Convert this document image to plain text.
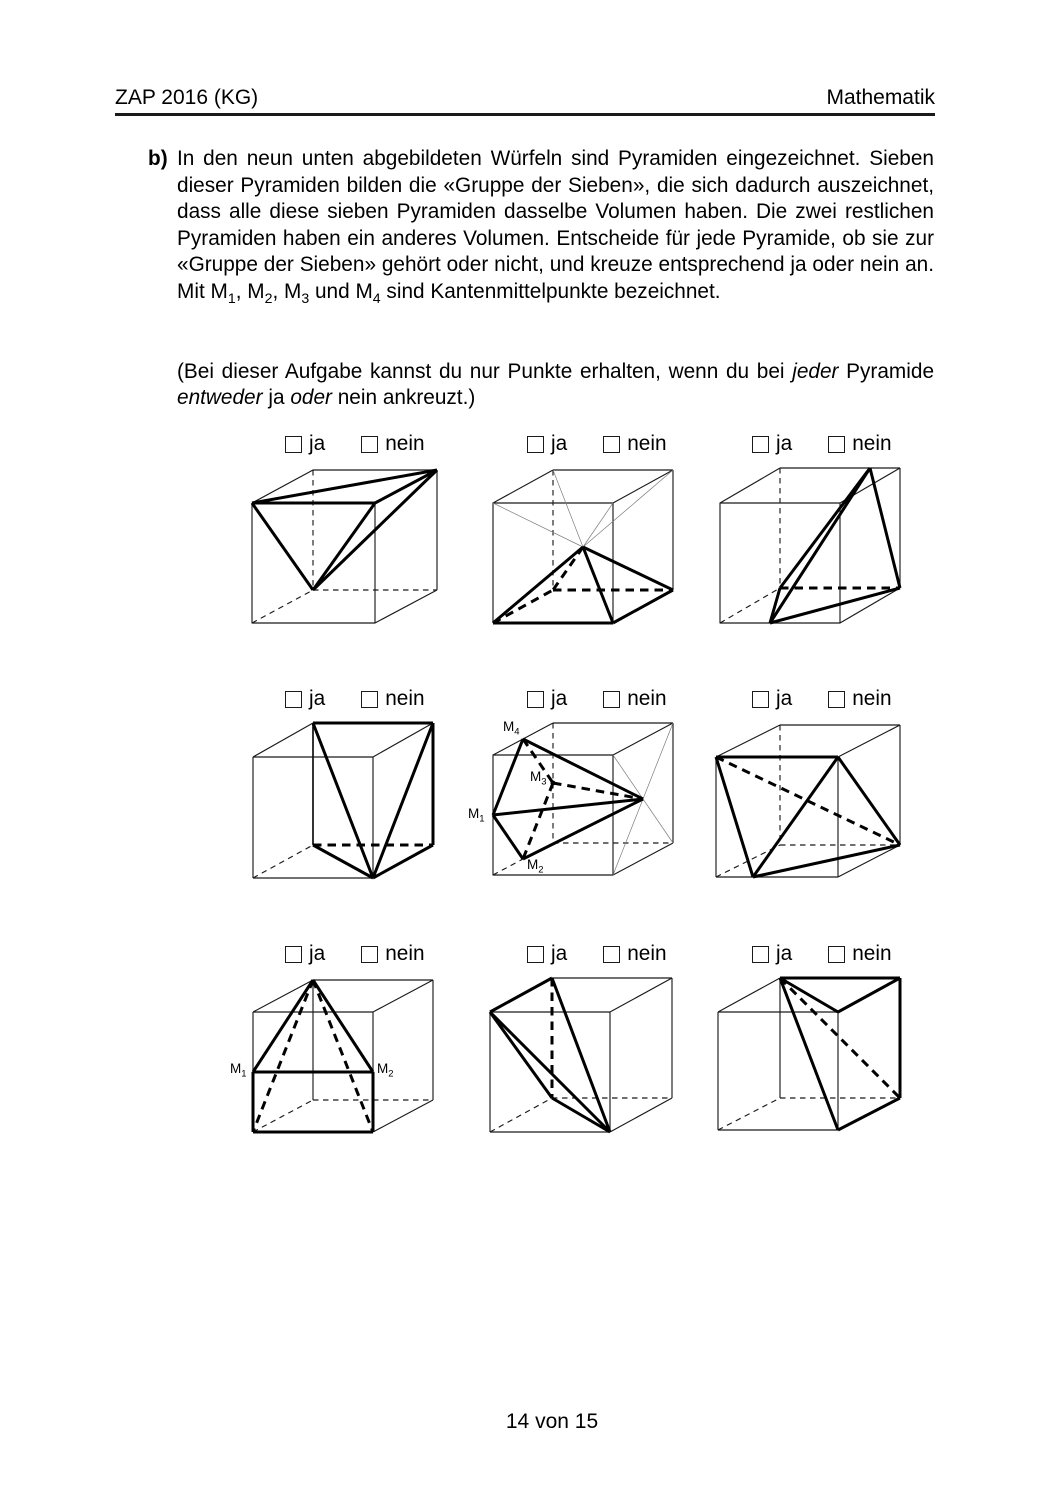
ZAP 2016 (KG)	Mathematik
b) In den neun unten abgebildeten Würfeln sind Pyramiden eingezeichnet. Sieben dieser Pyramiden bilden die «Gruppe der Sieben», die sich dadurch auszeichnet, dass alle diese sieben Pyramiden dasselbe Volumen haben. Die zwei restlichen Pyramiden haben ein anderes Volumen. Entscheide für jede Pyramide, ob sie zur «Gruppe der Sieben» gehört oder nicht, und kreuze entsprechend ja oder nein an. Mit $M_1$, $M_2$, $M_3$ und $M_4$ sind Kantenmittelpunkte bezeichnet.

(Bei dieser Aufgabe kannst du nur Punkte erhalten, wenn du bei jeder Pyramide entweder ja oder nein ankreuzt.)

ja	nein	ja	nein	ja	nein
ja	nein	ja	nein	ja	nein
ja	nein	ja	nein	ja	nein
$M_4$
$M_3$
$M_1$
$M_2$
$M_1$	$M_2$
14 von 15
